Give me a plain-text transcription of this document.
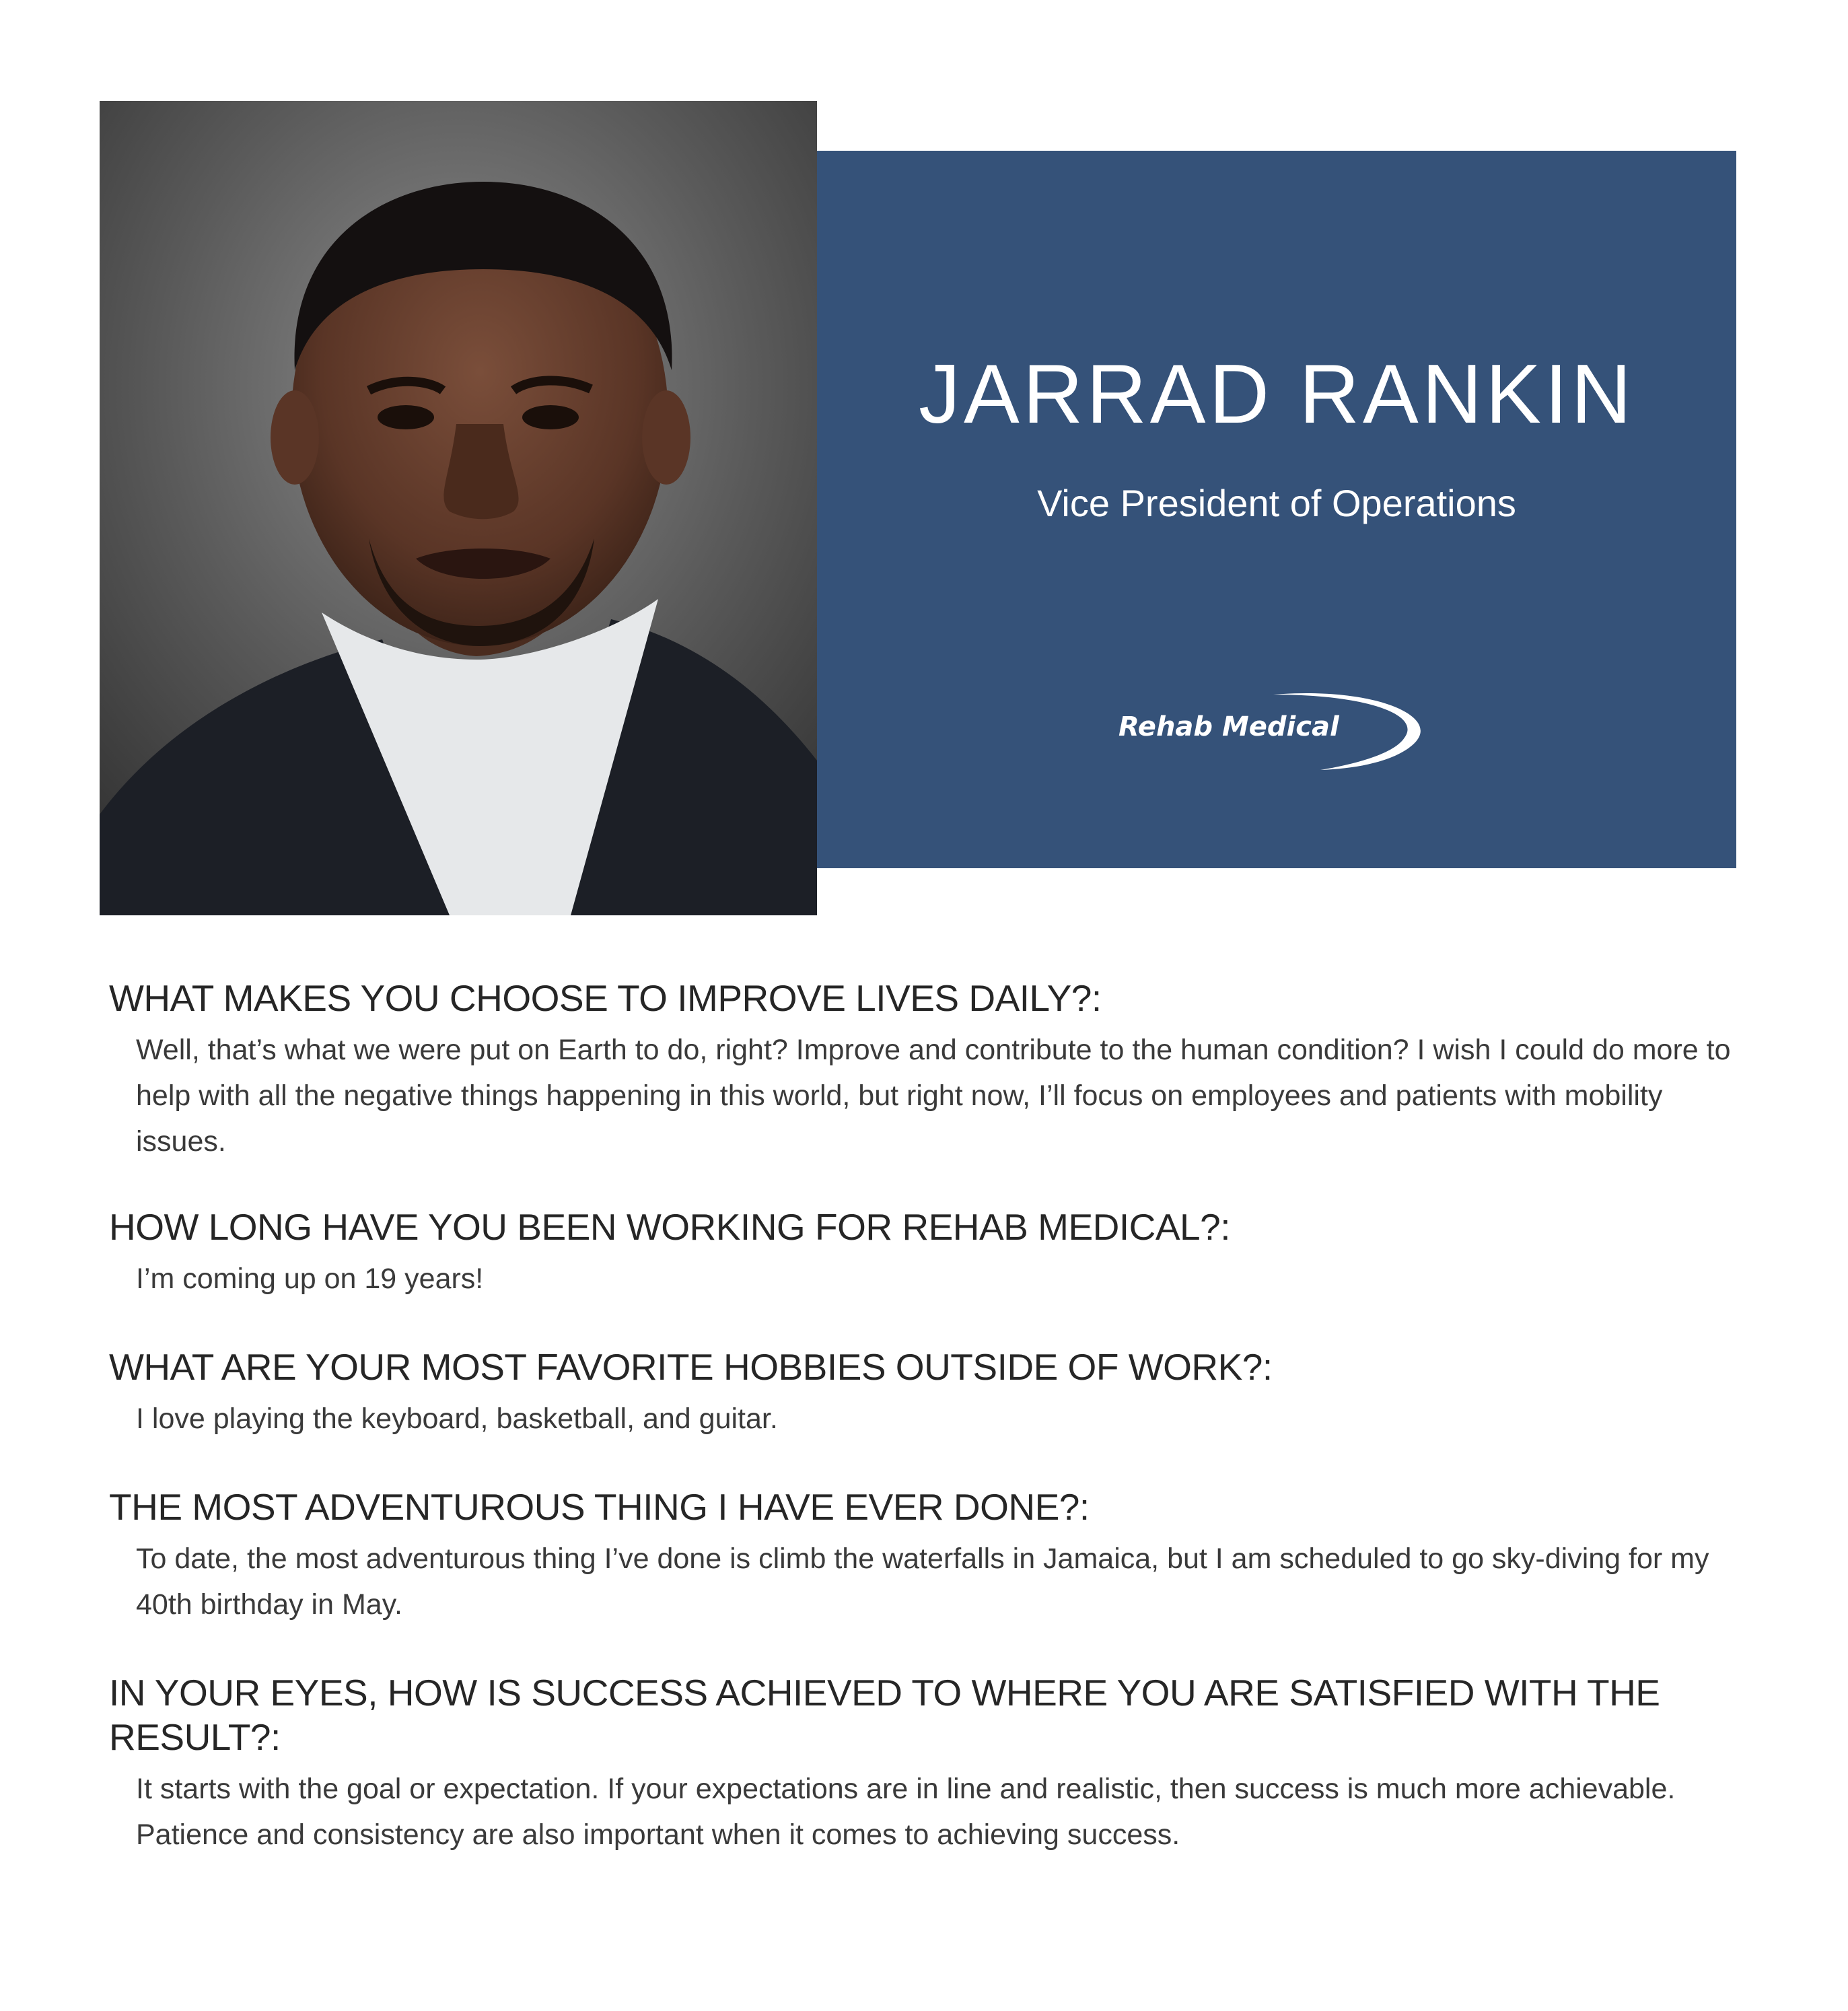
JARRAD RANKIN
Vice President of Operations
Rehab Medical
WHAT MAKES YOU CHOOSE TO IMPROVE LIVES DAILY?:

Well, that’s what we were put on Earth to do, right? Improve and contribute to the human condition? I wish I could do more to help with all the negative things happening in this world, but right now, I’ll focus on employees and patients with mobility issues.

HOW LONG HAVE YOU BEEN WORKING FOR REHAB MEDICAL?:

I’m coming up on 19 years!

WHAT ARE YOUR MOST FAVORITE HOBBIES OUTSIDE OF WORK?:

I love playing the keyboard, basketball, and guitar.

THE MOST ADVENTUROUS THING I HAVE EVER DONE?:

To date, the most adventurous thing I’ve done is climb the waterfalls in Jamaica, but I am scheduled to go sky-diving for my 40th birthday in May.

IN YOUR EYES, HOW IS SUCCESS ACHIEVED TO WHERE YOU ARE SATISFIED WITH THE RESULT?:

It starts with the goal or expectation. If your expectations are in line and realistic, then success is much more achievable. Patience and consistency are also important when it comes to achieving success.
